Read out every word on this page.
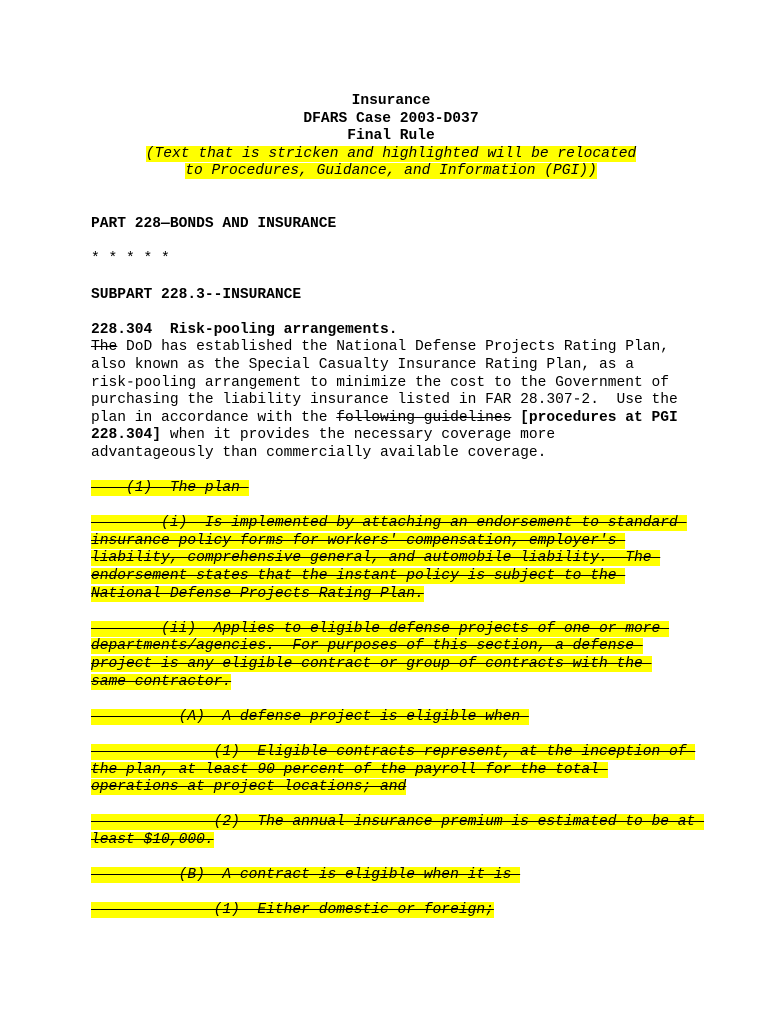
Insurance
DFARS Case 2003-D037
Final Rule
(Text that is stricken and highlighted will be relocated
to Procedures, Guidance, and Information (PGI))
PART 228—BONDS AND INSURANCE
* * * * *
SUBPART 228.3--INSURANCE
228.304  Risk-pooling arrangements.
The DoD has established the National Defense Projects Rating Plan,
also known as the Special Casualty Insurance Rating Plan, as a
risk-pooling arrangement to minimize the cost to the Government of
purchasing the liability insurance listed in FAR 28.307-2.  Use the
plan in accordance with the following guidelines [procedures at PGI
228.304] when it provides the necessary coverage more
advantageously than commercially available coverage.
(1)  The plan
(i)  Is implemented by attaching an endorsement to standard
insurance policy forms for workers' compensation, employer's
liability, comprehensive general, and automobile liability.  The
endorsement states that the instant policy is subject to the
National Defense Projects Rating Plan.
(ii)  Applies to eligible defense projects of one or more
departments/agencies.  For purposes of this section, a defense
project is any eligible contract or group of contracts with the
same contractor.
(A)  A defense project is eligible when
(1)  Eligible contracts represent, at the inception of
the plan, at least 90 percent of the payroll for the total
operations at project locations; and
(2)  The annual insurance premium is estimated to be at
least $10,000.
(B)  A contract is eligible when it is
(1)  Either domestic or foreign;
